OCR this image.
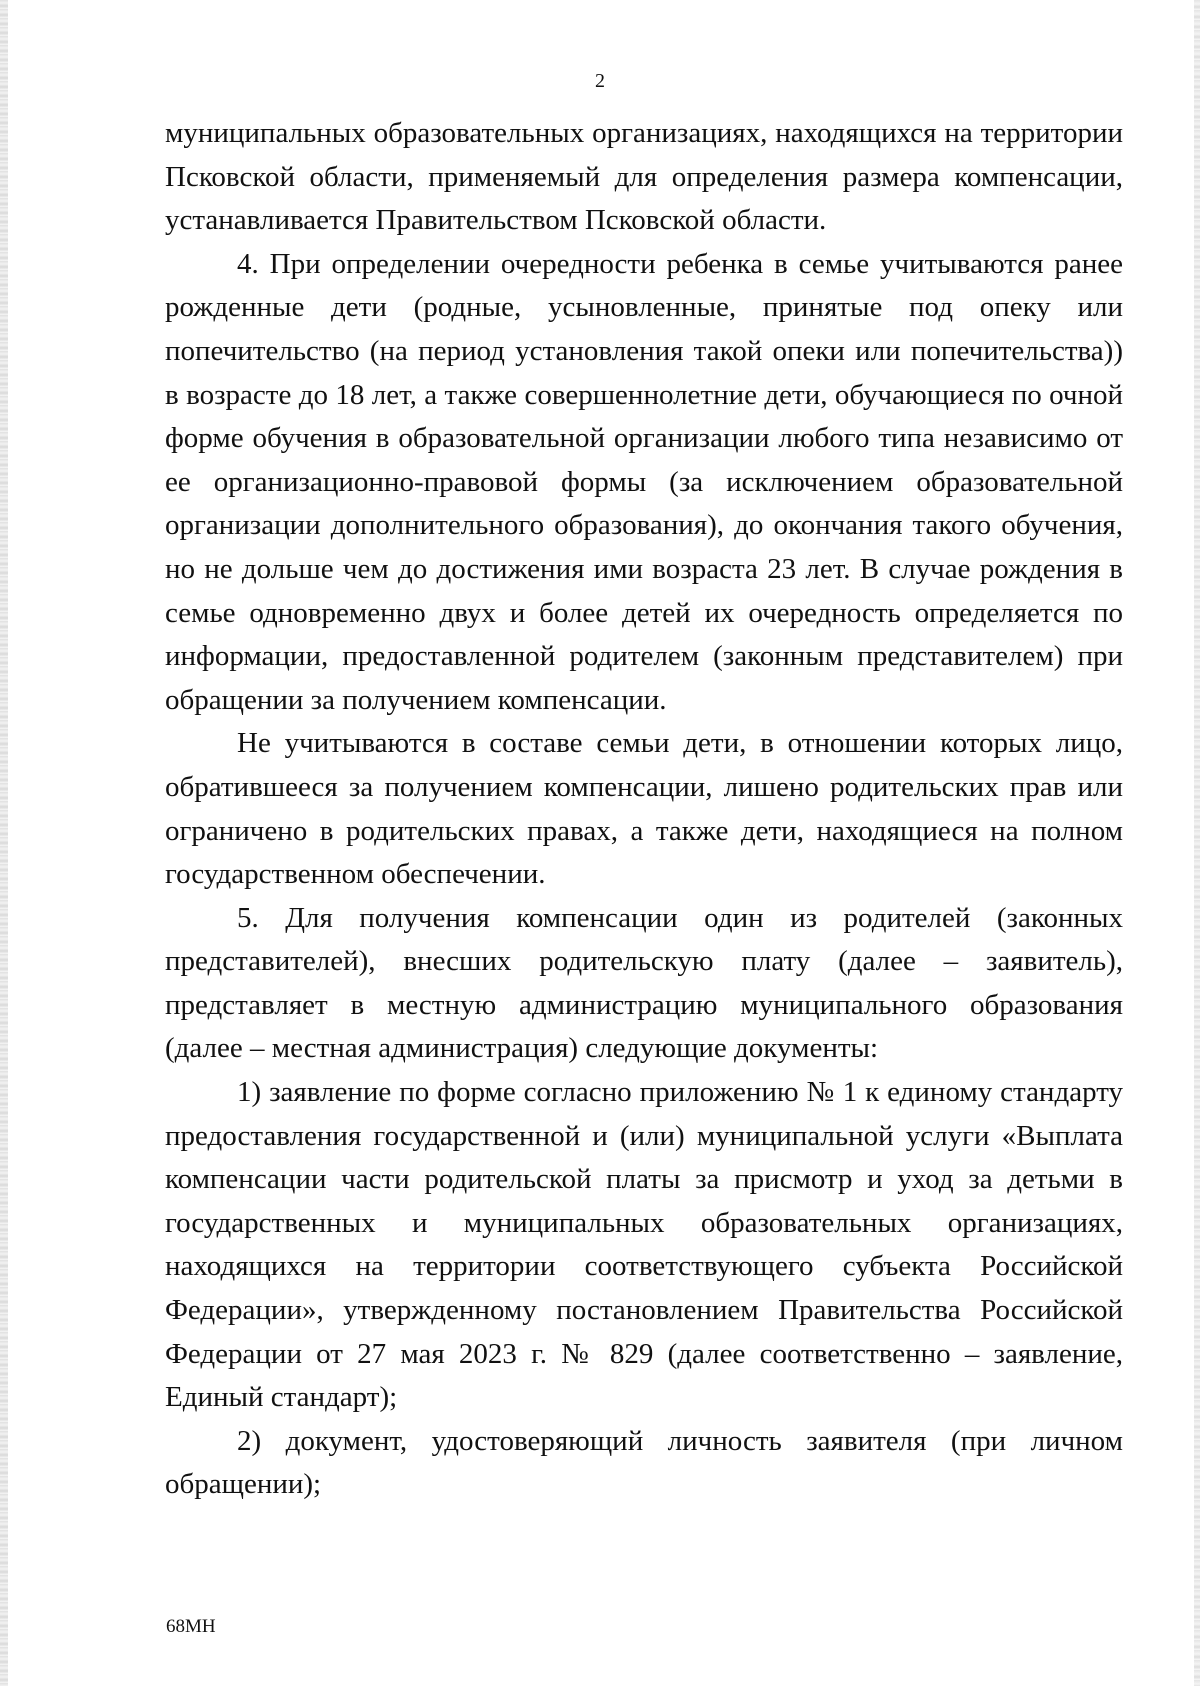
2

муниципальных образовательных организациях, находящихся на территории Псковской области, применяемый для определения размера компенсации, устанавливается Правительством Псковской области.

4. При определении очередности ребенка в семье учитываются ранее рожденные дети (родные, усыновленные, принятые под опеку или попечительство (на период установления такой опеки или попечительства)) в возрасте до 18 лет, а также совершеннолетние дети, обучающиеся по очной форме обучения в образовательной организации любого типа независимо от ее организационно-правовой формы (за исключением образовательной организации дополнительного образования), до окончания такого обучения, но не дольше чем до достижения ими возраста 23 лет. В случае рождения в семье одновременно двух и более детей их очередность определяется по информации, предоставленной родителем (законным представителем) при обращении за получением компенсации.

Не учитываются в составе семьи дети, в отношении которых лицо, обратившееся за получением компенсации, лишено родительских прав или ограничено в родительских правах, а также дети, находящиеся на полном государственном обеспечении.

5. Для получения компенсации один из родителей (законных представителей), внесших родительскую плату (далее – заявитель), представляет в местную администрацию муниципального образования (далее – местная администрация) следующие документы:

1) заявление по форме согласно приложению № 1 к единому стандарту предоставления государственной и (или) муниципальной услуги «Выплата компенсации части родительской платы за присмотр и уход за детьми в государственных и муниципальных образовательных организациях, находящихся на территории соответствующего субъекта Российской Федерации», утвержденному постановлением Правительства Российской Федерации от 27 мая 2023 г. № 829 (далее соответственно – заявление, Единый стандарт);

2) документ, удостоверяющий личность заявителя (при личном обращении);

68МН
